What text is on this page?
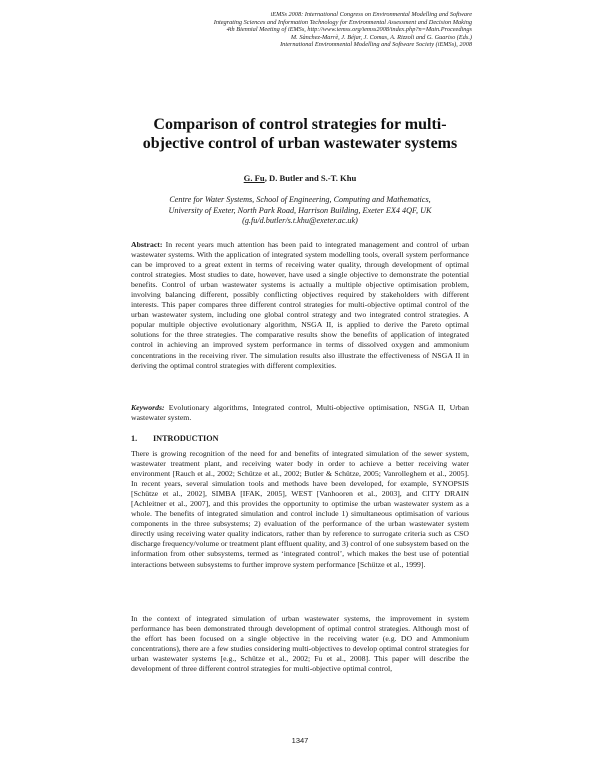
iEMSs 2008: International Congress on Environmental Modelling and Software
Integrating Sciences and Information Technology for Environmental Assessment and Decision Making
4th Biennial Meeting of iEMSs, http://www.iemss.org/iemss2008/index.php?n=Main.Proceedings
M. Sànchez-Marrè, J. Béjar, J. Comas, A. Rizzoli and G. Guariso (Eds.)
International Environmental Modelling and Software Society (iEMSs), 2008
Comparison of control strategies for multi-
objective control of urban wastewater systems
G. Fu, D. Butler and S.-T. Khu
Centre for Water Systems, School of Engineering, Computing and Mathematics,
University of Exeter, North Park Road, Harrison Building, Exeter EX4 4QF, UK
(g.fu/d.butler/s.t.khu@exeter.ac.uk)

Abstract: In recent years much attention has been paid to integrated management and control of urban wastewater systems. With the application of integrated system modelling tools, overall system performance can be improved to a great extent in terms of receiving water quality, through development of optimal control strategies. Most studies to date, however, have used a single objective to demonstrate the potential benefits. Control of urban wastewater systems is actually a multiple objective optimisation problem, involving balancing different, possibly conflicting objectives required by stakeholders with different interests. This paper compares three different control strategies for multi-objective optimal control of the urban wastewater system, including one global control strategy and two integrated control strategies. A popular multiple objective evolutionary algorithm, NSGA II, is applied to derive the Pareto optimal solutions for the three strategies. The comparative results show the benefits of application of integrated control in achieving an improved system performance in terms of dissolved oxygen and ammonium concentrations in the receiving river. The simulation results also illustrate the effectiveness of NSGA II in deriving the optimal control strategies with different complexities.

Keywords: Evolutionary algorithms, Integrated control, Multi-objective optimisation, NSGA II, Urban wastewater system.

1. INTRODUCTION

There is growing recognition of the need for and benefits of integrated simulation of the sewer system, wastewater treatment plant, and receiving water body in order to achieve a better receiving water environment [Rauch et al., 2002; Schütze et al., 2002; Butler & Schütze, 2005; Vanrolleghem et al., 2005]. In recent years, several simulation tools and methods have been developed, for example, SYNOPSIS [Schütze et al., 2002], SIMBA [IFAK, 2005], WEST [Vanhooren et al., 2003], and CITY DRAIN [Achleitner et al., 2007], and this provides the opportunity to optimise the urban wastewater system as a whole. The benefits of integrated simulation and control include 1) simultaneous optimisation of various components in the three subsystems; 2) evaluation of the performance of the urban wastewater system directly using receiving water quality indicators, rather than by reference to surrogate criteria such as CSO discharge frequency/volume or treatment plant effluent quality, and 3) control of one subsystem based on the information from other subsystems, termed as ‘integrated control’, which makes the best use of potential interactions between subsystems to further improve system performance [Schütze et al., 1999].

In the context of integrated simulation of urban wastewater systems, the improvement in system performance has been demonstrated through development of optimal control strategies. Although most of the effort has been focused on a single objective in the receiving water (e.g. DO and Ammonium concentrations), there are a few studies considering multi-objectives to develop optimal control strategies for urban wastewater systems [e.g., Schütze et al., 2002; Fu et al., 2008]. This paper will describe the development of three different control strategies for multi-objective optimal control,

1347
